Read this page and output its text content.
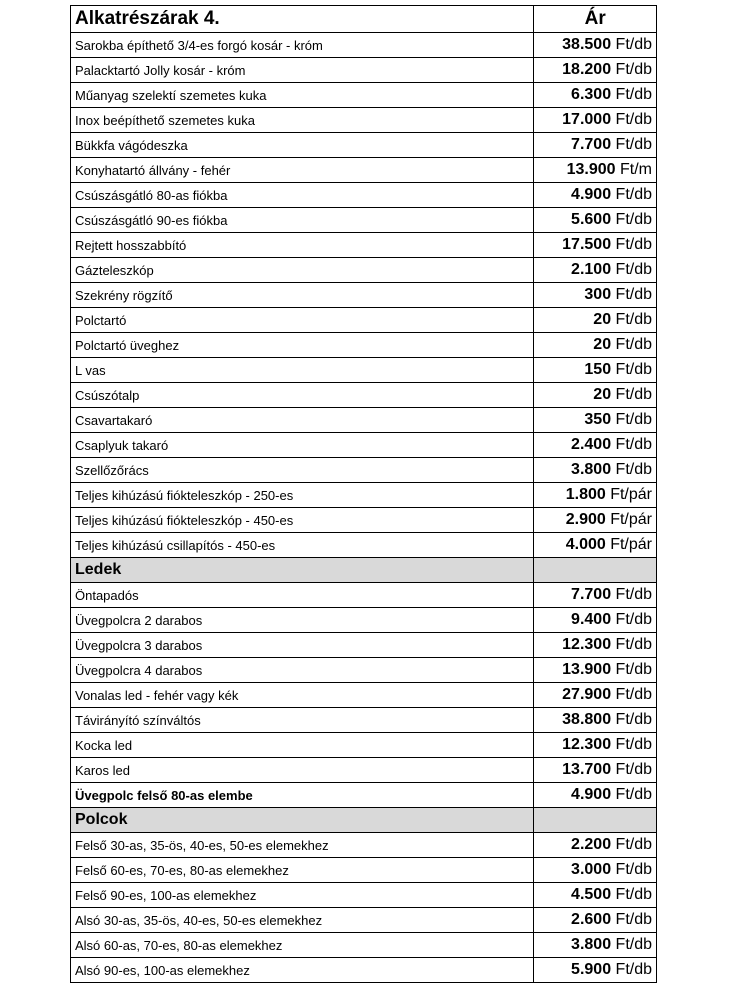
Alkatrészárak 4.	Ár
Sarokba építhető 3/4-es forgó kosár - króm	38.500 Ft/db
Palacktartó Jolly kosár - króm	18.200 Ft/db
Műanyag szelektí szemetes kuka	6.300 Ft/db
Inox beépíthető szemetes kuka	17.000 Ft/db
Bükkfa vágódeszka	7.700 Ft/db
Konyhatartó állvány - fehér	13.900 Ft/m
Csúszásgátló 80-as fiókba	4.900 Ft/db
Csúszásgátló 90-es fiókba	5.600 Ft/db
Rejtett hosszabbító	17.500 Ft/db
Gázteleszkóp	2.100 Ft/db
Szekrény rögzítő	300 Ft/db
Polctartó	20 Ft/db
Polctartó üveghez	20 Ft/db
L vas	150 Ft/db
Csúszótalp	20 Ft/db
Csavartakaró	350 Ft/db
Csaplyuk takaró	2.400 Ft/db
Szellőzőrács	3.800 Ft/db
Teljes kihúzású fiókteleszkóp - 250-es	1.800 Ft/pár
Teljes kihúzású fiókteleszkóp - 450-es	2.900 Ft/pár
Teljes kihúzású csillapítós - 450-es	4.000 Ft/pár
Ledek	
Öntapadós	7.700 Ft/db
Üvegpolcra 2 darabos	9.400 Ft/db
Üvegpolcra 3 darabos	12.300 Ft/db
Üvegpolcra 4 darabos	13.900 Ft/db
Vonalas led - fehér vagy kék	27.900 Ft/db
Távirányító színváltós	38.800 Ft/db
Kocka led	12.300 Ft/db
Karos led	13.700 Ft/db
Üvegpolc felső 80-as elembe	4.900 Ft/db
Polcok	
Felső 30-as, 35-ös, 40-es, 50-es elemekhez	2.200 Ft/db
Felső 60-es, 70-es, 80-as elemekhez	3.000 Ft/db
Felső 90-es, 100-as elemekhez	4.500 Ft/db
Alsó 30-as, 35-ös, 40-es, 50-es elemekhez	2.600 Ft/db
Alsó 60-as, 70-es, 80-as elemekhez	3.800 Ft/db
Alsó 90-es, 100-as elemekhez	5.900 Ft/db
